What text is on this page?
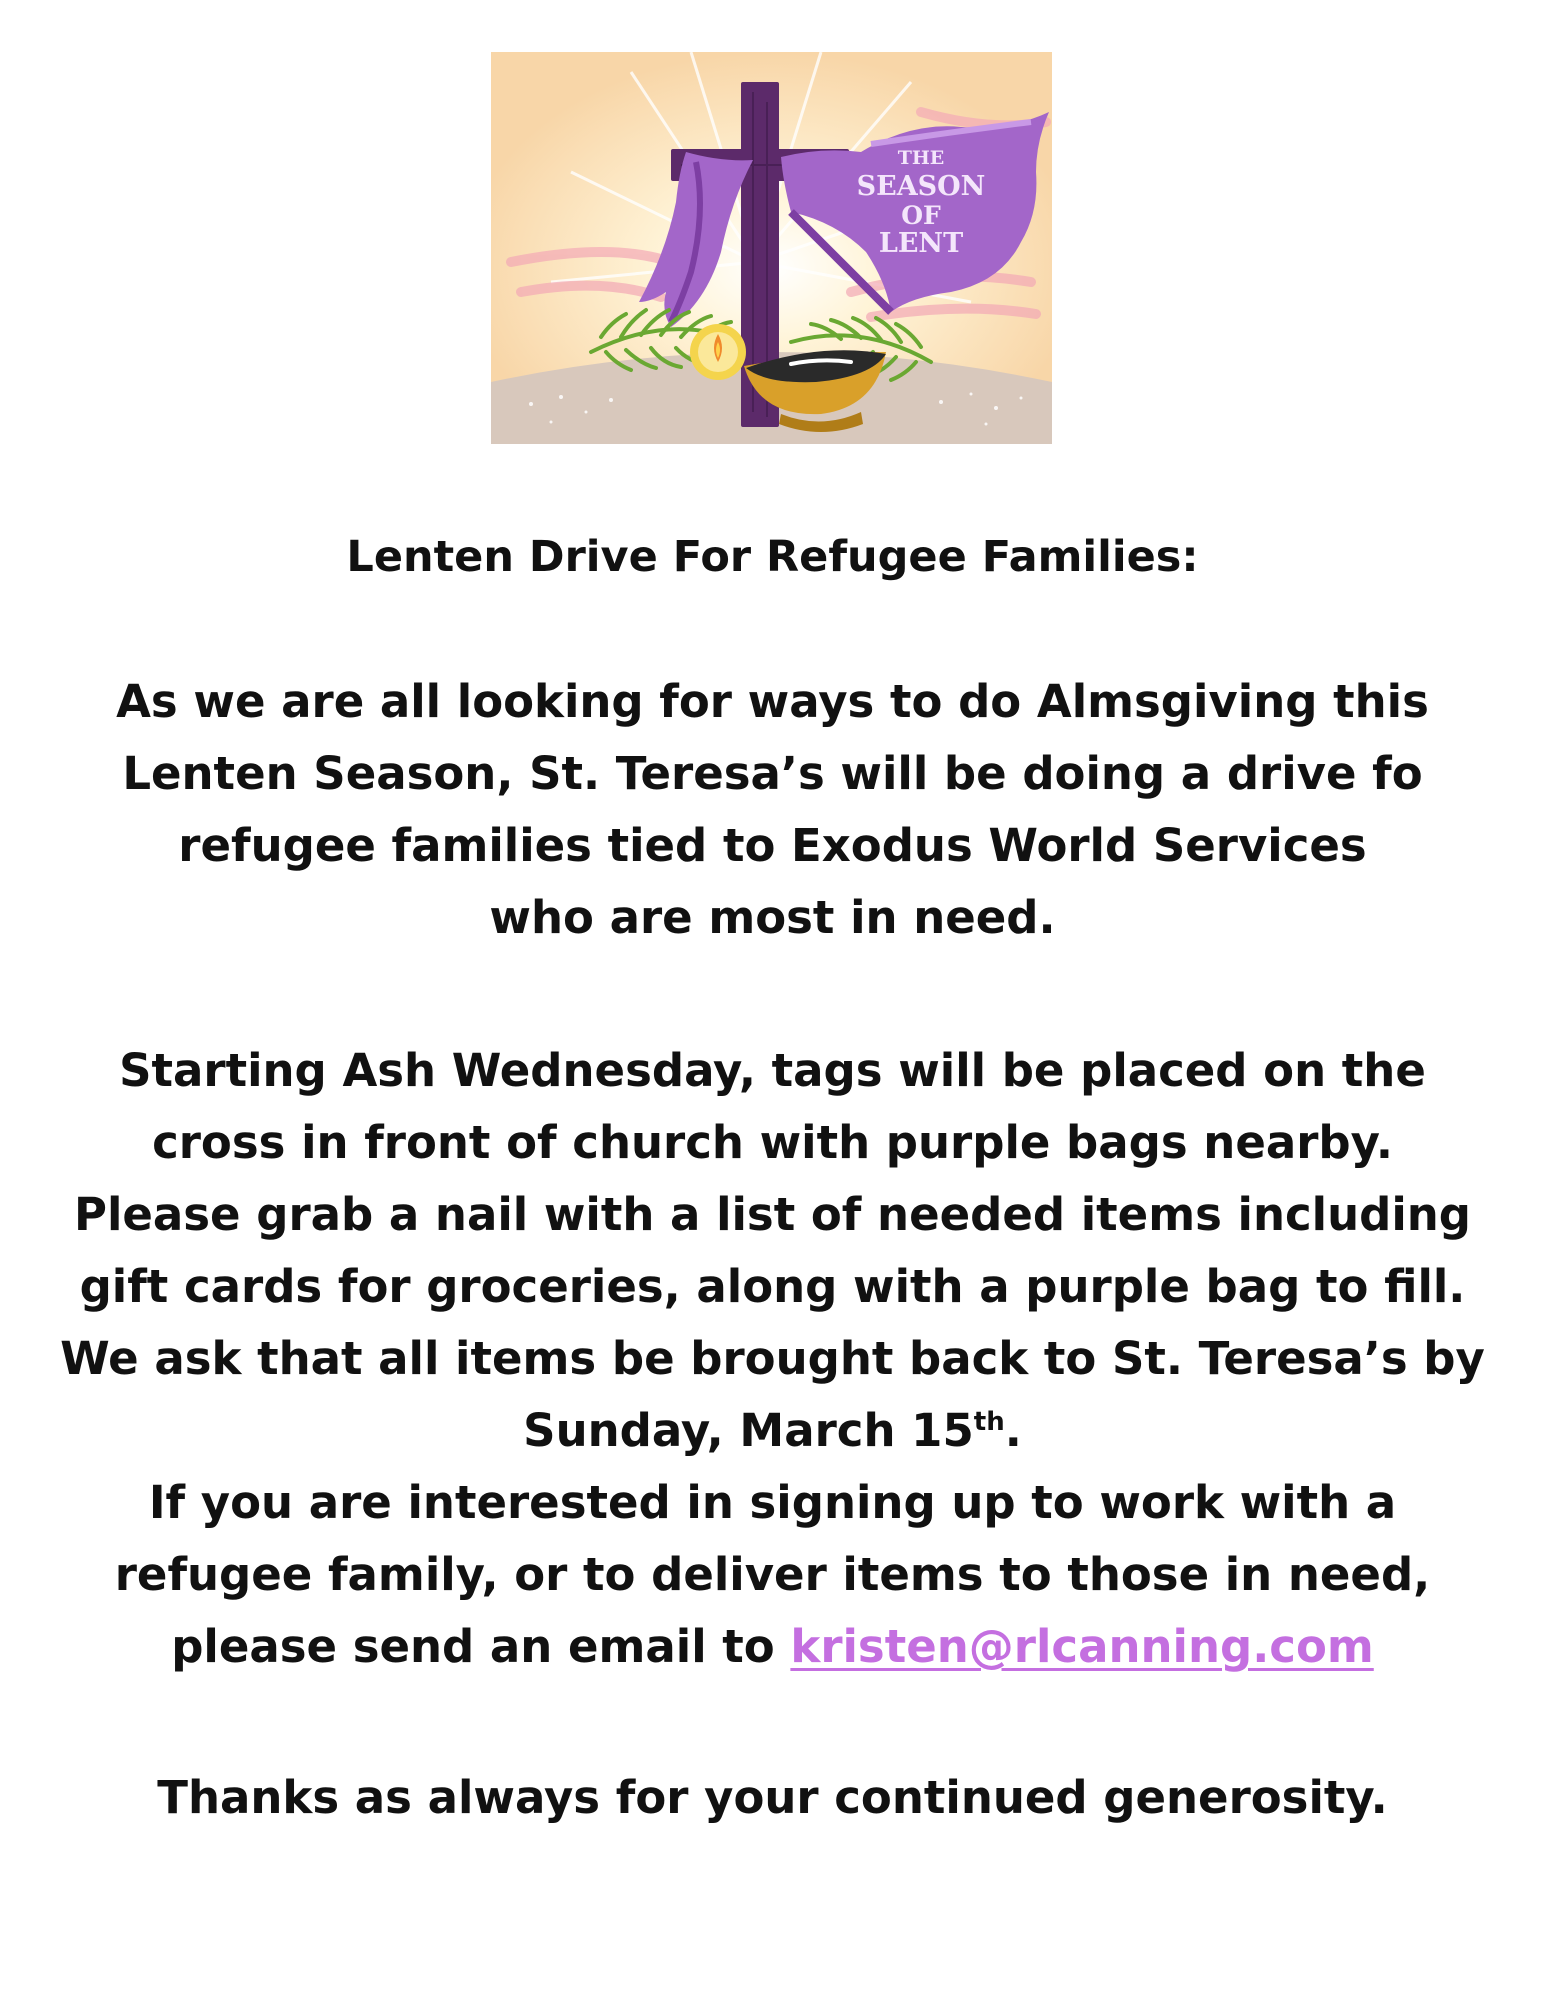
THE
SEASON
OF
LENT
Lenten Drive For Refugee Families:
As we are all looking for ways to do Almsgiving this
Lenten Season, St. Teresa’s will be doing a drive fo
refugee families tied to Exodus World Services
who are most in need.
Starting Ash Wednesday, tags will be placed on the
cross in front of church with purple bags nearby.
Please grab a nail with a list of needed items including
gift cards for groceries, along with a purple bag to fill.
We ask that all items be brought back to St. Teresa’s by
Sunday, March 15th.
If you are interested in signing up to work with a
refugee family, or to deliver items to those in need,
please send an email to kristen@rlcanning.com
Thanks as always for your continued generosity.
